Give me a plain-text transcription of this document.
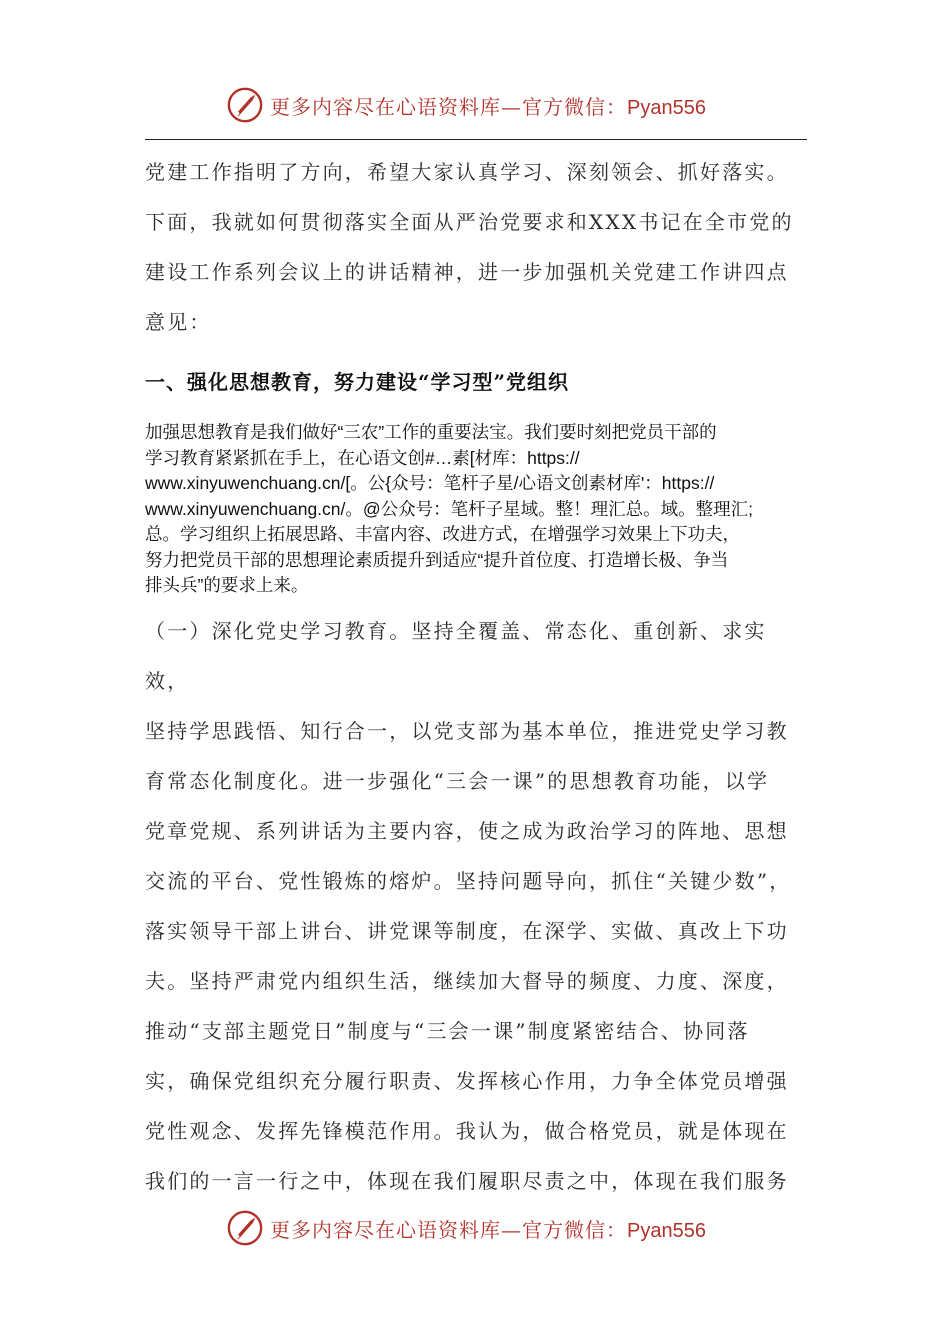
更多内容尽在心语资料库—官方微信：Pyan556

党建工作指明了方向，希望大家认真学习、深刻领会、抓好落实。

下面，我就如何贯彻落实全面从严治党要求和XXX书记在全市党的

建设工作系列会议上的讲话精神，进一步加强机关党建工作讲四点

意见：

一、强化思想教育，努力建设“学习型”党组织
加强思想教育是我们做好“三农”工作的重要法宝。我们要时刻把党员干部的
学习教育紧紧抓在手上，在心语文创#…素[材库：https://
www.xinyuwenchuang.cn/[。公{众号：笔杆子星/心语文创素材库'：https://
www.xinyuwenchuang.cn/。@公众号：笔杆子星域。整！理汇总。域。整理汇;
总。学习组织上拓展思路、丰富内容、改进方式，在增强学习效果上下功夫，
努力把党员干部的思想理论素质提升到适应“提升首位度、打造增长极、争当
排头兵”的要求上来。

（一）深化党史学习教育。坚持全覆盖、常态化、重创新、求实效，

坚持学思践悟、知行合一，以党支部为基本单位，推进党史学习教

育常态化制度化。进一步强化“三会一课”的思想教育功能，以学

党章党规、系列讲话为主要内容，使之成为政治学习的阵地、思想

交流的平台、党性锻炼的熔炉。坚持问题导向，抓住“关键少数”，

落实领导干部上讲台、讲党课等制度，在深学、实做、真改上下功

夫。坚持严肃党内组织生活，继续加大督导的频度、力度、深度，

推动“支部主题党日”制度与“三会一课”制度紧密结合、协同落

实，确保党组织充分履行职责、发挥核心作用，力争全体党员增强

党性观念、发挥先锋模范作用。我认为，做合格党员，就是体现在

我们的一言一行之中，体现在我们履职尽责之中，体现在我们服务

更多内容尽在心语资料库—官方微信：Pyan556
